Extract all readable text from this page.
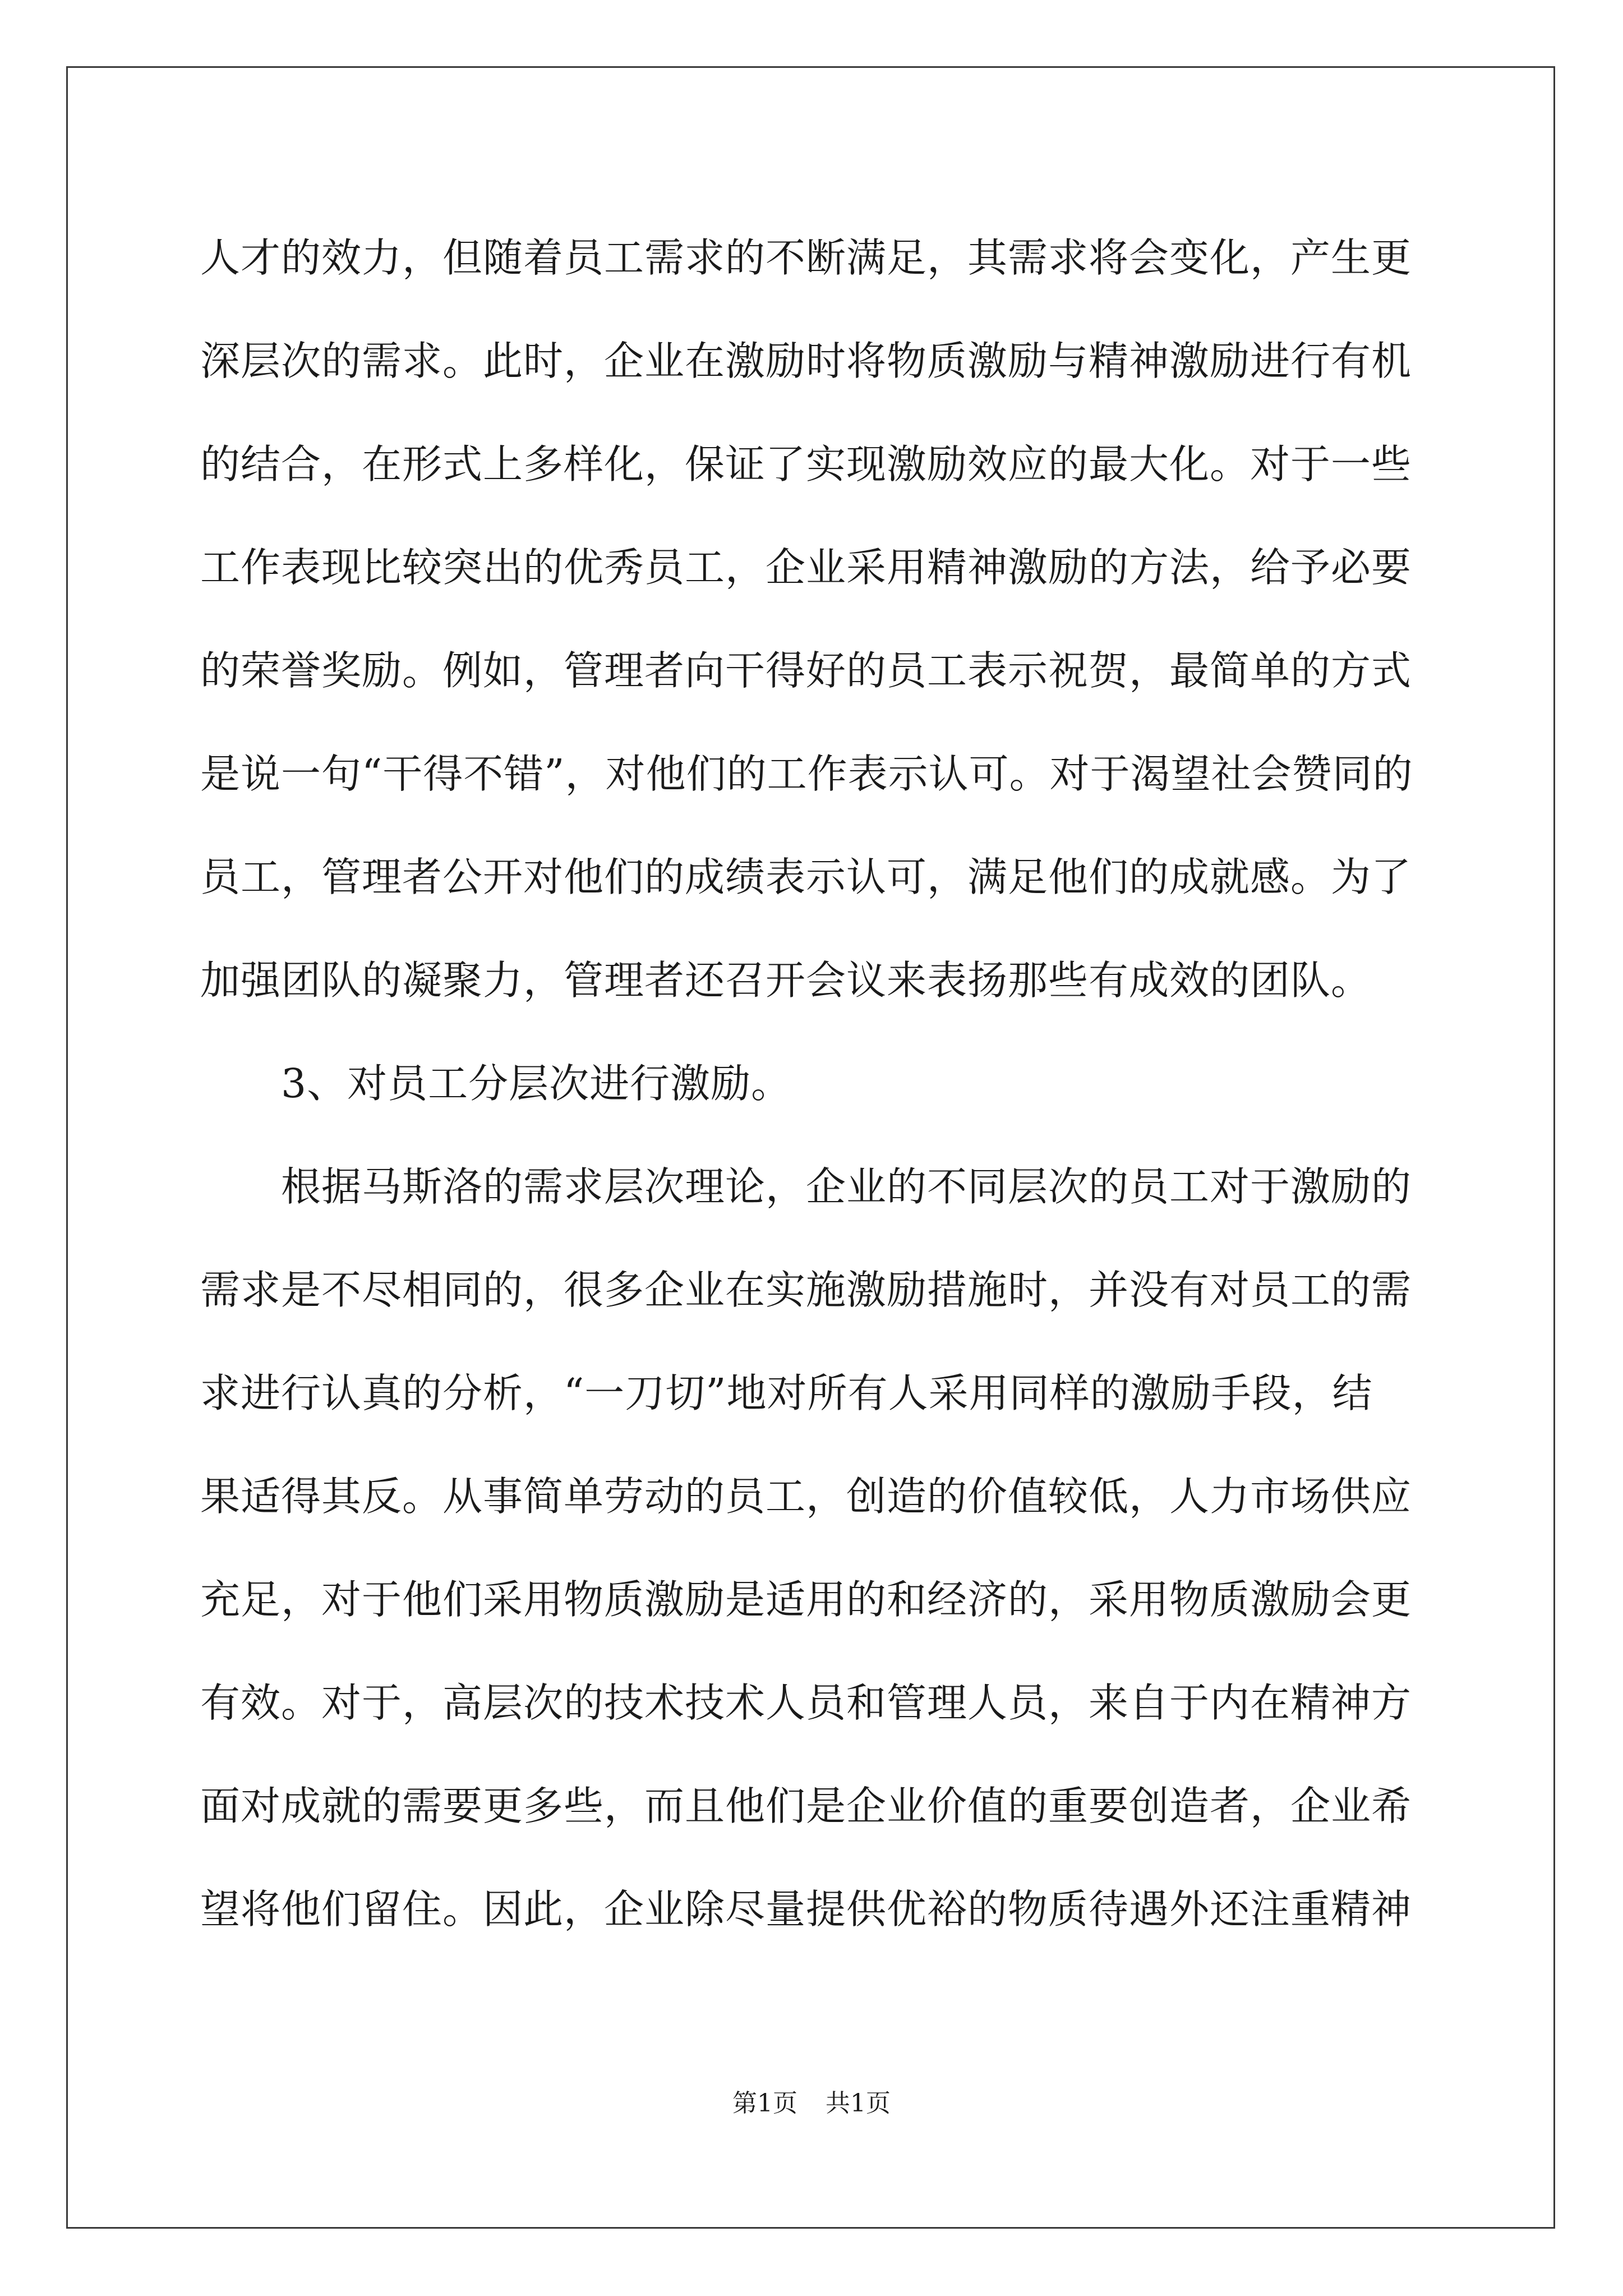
人才的效力，但随着员工需求的不断满足，其需求将会变化，产生更
深层次的需求。此时，企业在激励时将物质激励与精神激励进行有机
的结合，在形式上多样化，保证了实现激励效应的最大化。对于一些
工作表现比较突出的优秀员工，企业采用精神激励的方法，给予必要
的荣誉奖励。例如，管理者向干得好的员工表示祝贺，最简单的方式
是说一句“干得不错”，对他们的工作表示认可。对于渴望社会赞同的
员工，管理者公开对他们的成绩表示认可，满足他们的成就感。为了
加强团队的凝聚力，管理者还召开会议来表扬那些有成效的团队。
　　3、对员工分层次进行激励。
　　根据马斯洛的需求层次理论，企业的不同层次的员工对于激励的
需求是不尽相同的，很多企业在实施激励措施时，并没有对员工的需
求进行认真的分析，“一刀切”地对所有人采用同样的激励手段，结
果适得其反。从事简单劳动的员工，创造的价值较低，人力市场供应
充足，对于他们采用物质激励是适用的和经济的，采用物质激励会更
有效。对于，高层次的技术技术人员和管理人员，来自于内在精神方
面对成就的需要更多些，而且他们是企业价值的重要创造者，企业希
望将他们留住。因此，企业除尽量提供优裕的物质待遇外还注重精神
第1页 共1页
